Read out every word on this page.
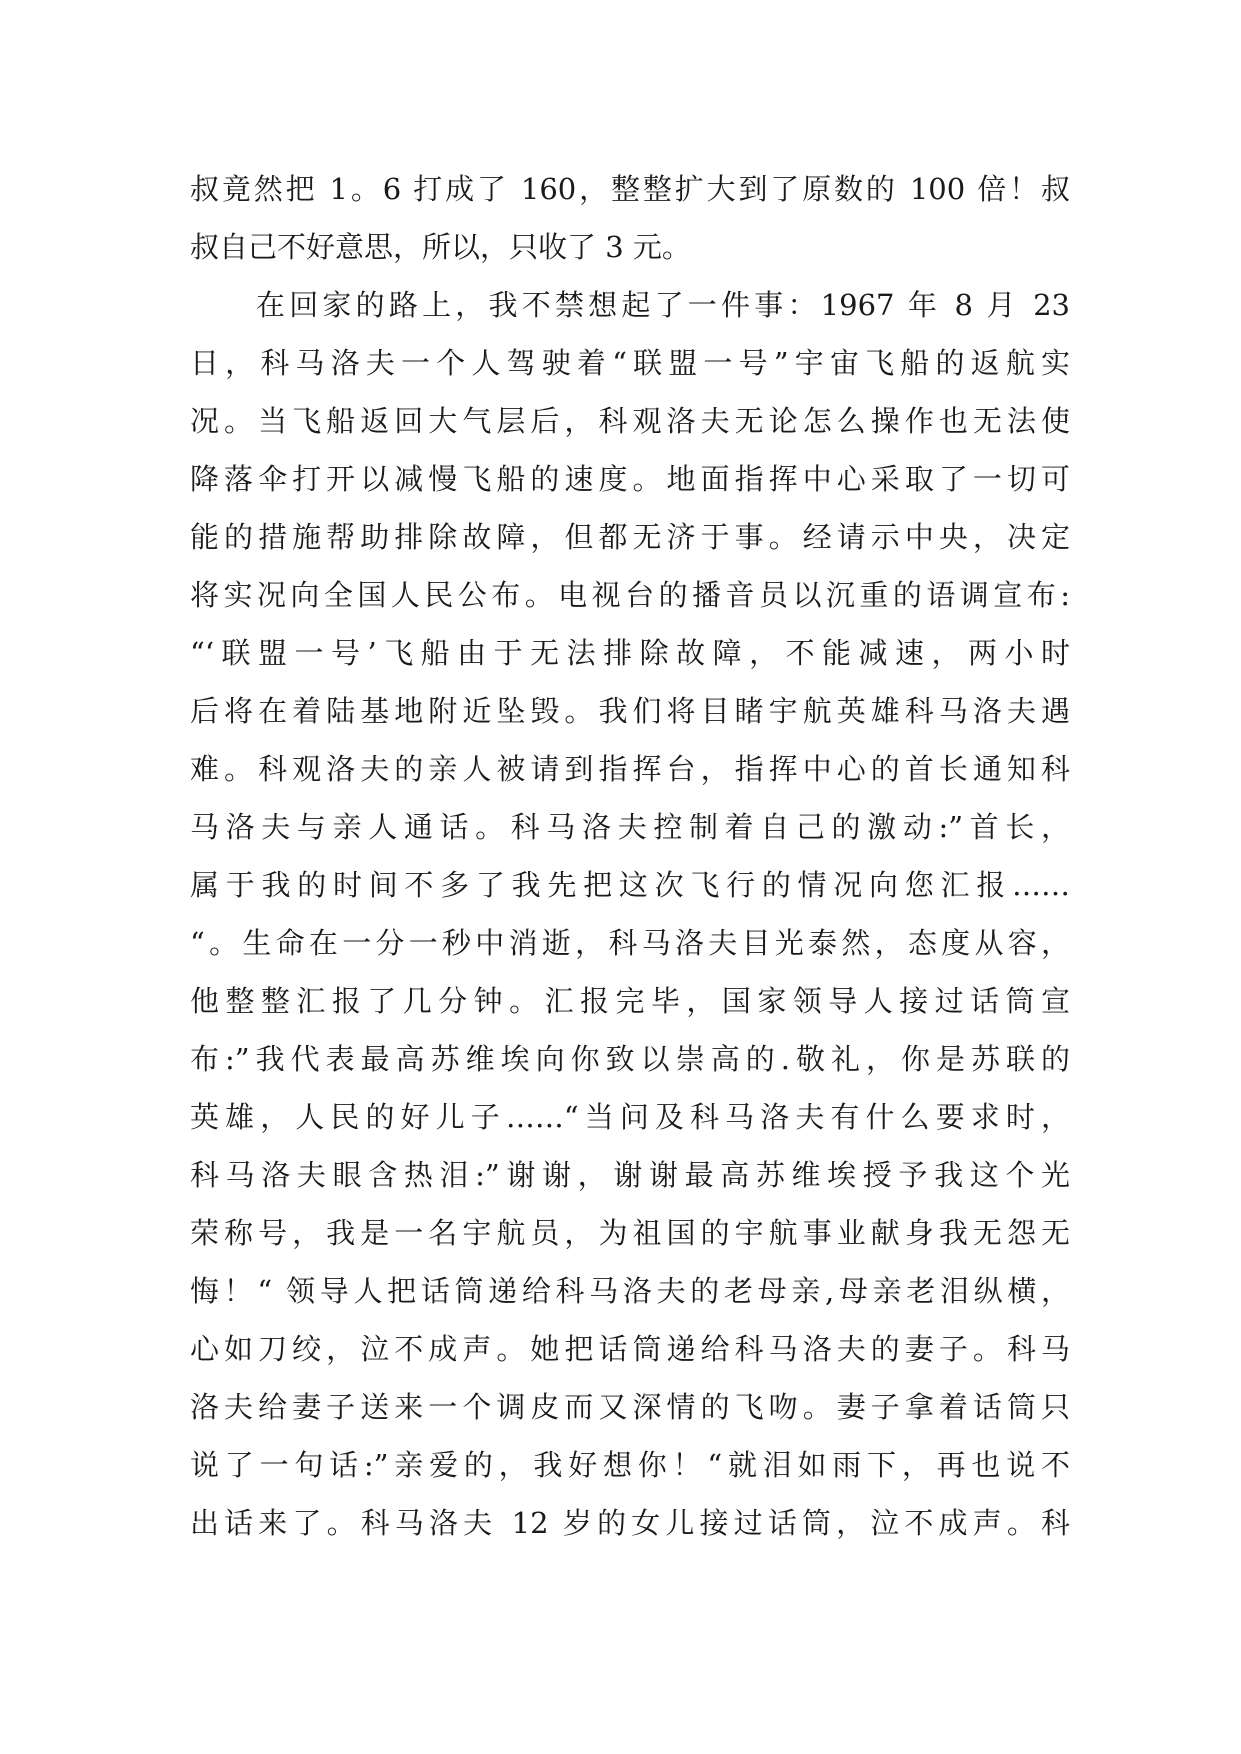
叔竟然把 1。6 打成了 160，整整扩大到了原数的 100 倍！叔
叔自己不好意思，所以，只收了 3 元。
在回家的路上，我不禁想起了一件事：1967 年 8 月 23
日，科马洛夫一个人驾驶着“联盟一号”宇宙飞船的返航实
况。当飞船返回大气层后，科观洛夫无论怎么操作也无法使
降落伞打开以减慢飞船的速度。地面指挥中心采取了一切可
能的措施帮助排除故障，但都无济于事。经请示中央，决定
将实况向全国人民公布。电视台的播音员以沉重的语调宣布:
“‘联盟一号’飞船由于无法排除故障，不能减速，两小时
后将在着陆基地附近坠毁。我们将目睹宇航英雄科马洛夫遇
难。科观洛夫的亲人被请到指挥台，指挥中心的首长通知科
马洛夫与亲人通话。科马洛夫控制着自己的激动:”首长，
属于我的时间不多了我先把这次飞行的情况向您汇报……
“。生命在一分一秒中消逝，科马洛夫目光泰然，态度从容，
他整整汇报了几分钟。汇报完毕，国家领导人接过话筒宣
布:”我代表最高苏维埃向你致以崇高的.敬礼，你是苏联的
英雄，人民的好儿子……“当问及科马洛夫有什么要求时，
科马洛夫眼含热泪:”谢谢，谢谢最高苏维埃授予我这个光
荣称号，我是一名宇航员，为祖国的宇航事业献身我无怨无
悔！“ 领导人把话筒递给科马洛夫的老母亲,母亲老泪纵横，
心如刀绞，泣不成声。她把话筒递给科马洛夫的妻子。科马
洛夫给妻子送来一个调皮而又深情的飞吻。妻子拿着话筒只
说了一句话:”亲爱的，我好想你！“就泪如雨下，再也说不
出话来了。科马洛夫 12 岁的女儿接过话筒，泣不成声。科
